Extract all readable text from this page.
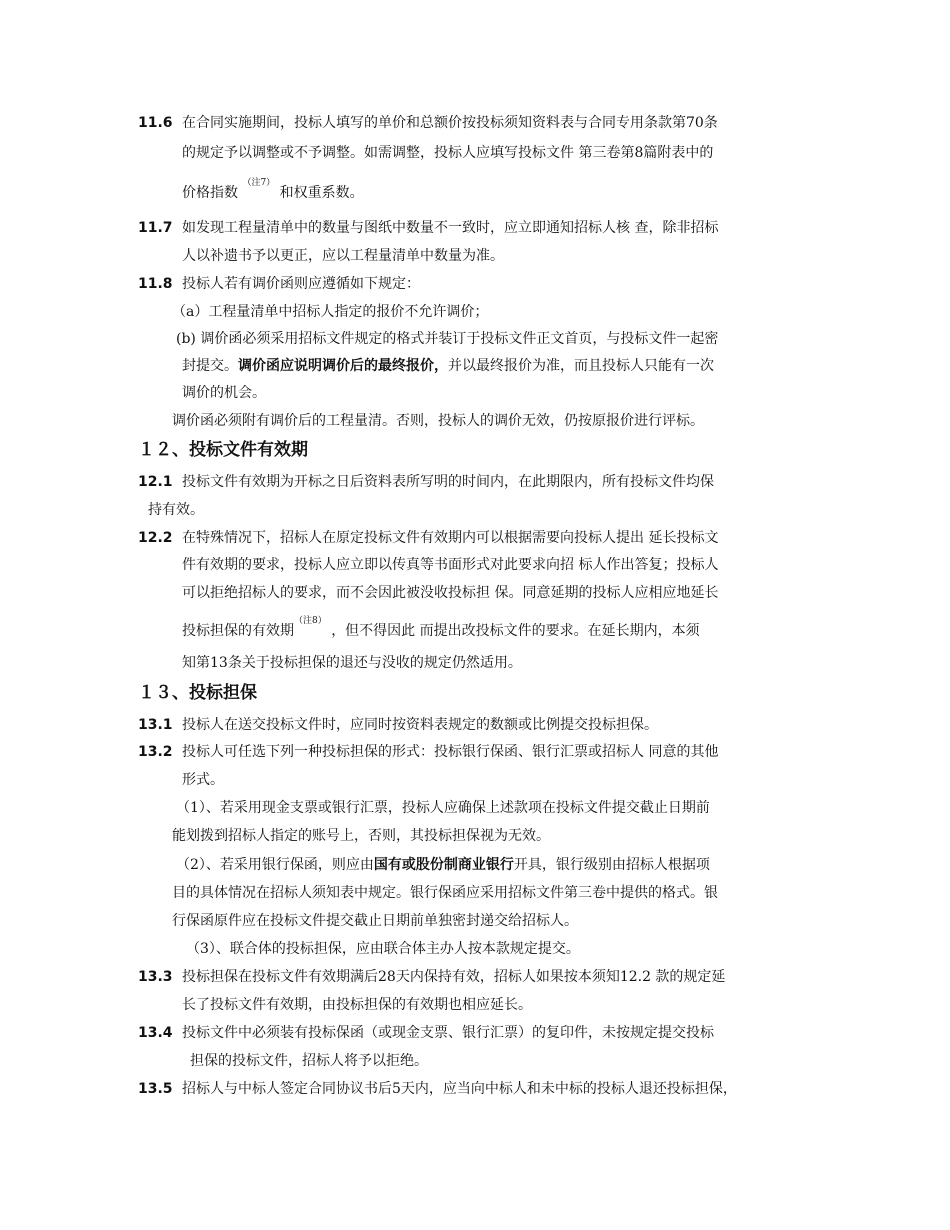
11.6 在合同实施期间，投标人填写的单价和总额价按投标须知资料表与合同专用条款第70条
的规定予以调整或不予调整。如需调整，投标人应填写投标文件 第三卷第8篇附表中的
价格指数 $^{(注7)}$ 和权重系数。
11.7 如发现工程量清单中的数量与图纸中数量不一致时，应立即通知招标人核 查，除非招标
人以补遗书予以更正，应以工程量清单中数量为准。
11.8 投标人若有调价函则应遵循如下规定：
（a）工程量清单中招标人指定的报价不允许调价；
(b) 调价函必须采用招标文件规定的格式并装订于投标文件正文首页，与投标文件一起密
封提交。调价函应说明调价后的最终报价，并以最终报价为准，而且投标人只能有一次
调价的机会。
调价函必须附有调价后的工程量清。否则，投标人的调价无效，仍按原报价进行评标。
１２、投标文件有效期
12.1 投标文件有效期为开标之日后资料表所写明的时间内，在此期限内，所有投标文件均保
持有效。
12.2 在特殊情况下，招标人在原定投标文件有效期内可以根据需要向投标人提出 延长投标文
件有效期的要求，投标人应立即以传真等书面形式对此要求向招 标人作出答复；投标人
可以拒绝招标人的要求，而不会因此被没收投标担 保。同意延期的投标人应相应地延长
投标担保的有效期$^{(注8)}$ ，但不得因此 而提出改投标文件的要求。在延长期内，本须
知第13条关于投标担保的退还与没收的规定仍然适用。
１３、投标担保
13.1 投标人在送交投标文件时，应同时按资料表规定的数额或比例提交投标担保。
13.2 投标人可任选下列一种投标担保的形式：投标银行保函、银行汇票或招标人 同意的其他
形式。
（1）、若采用现金支票或银行汇票，投标人应确保上述款项在投标文件提交截止日期前
能划拨到招标人指定的账号上，否则，其投标担保视为无效。
（2）、若采用银行保函，则应由国有或股份制商业银行开具，银行级别由招标人根据项
目的具体情况在招标人须知表中规定。银行保函应采用招标文件第三卷中提供的格式。银
行保函原件应在投标文件提交截止日期前单独密封递交给招标人。
（3）、联合体的投标担保，应由联合体主办人按本款规定提交。
13.3 投标担保在投标文件有效期满后28天内保持有效，招标人如果按本须知12.2 款的规定延
长了投标文件有效期，由投标担保的有效期也相应延长。
13.4 投标文件中必须装有投标保函（或现金支票、银行汇票）的复印件，未按规定提交投标
担保的投标文件，招标人将予以拒绝。
13.5 招标人与中标人签定合同协议书后5天内，应当向中标人和未中标的投标人退还投标担保，
